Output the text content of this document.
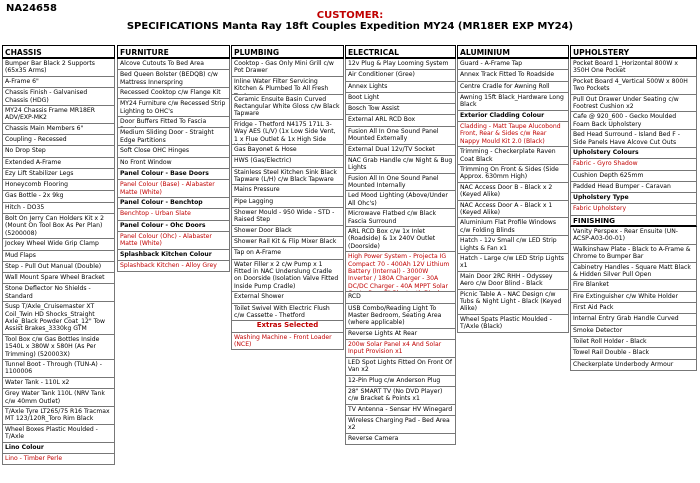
NA24658
CUSTOMER:
SPECIFICATIONS Manta Ray 18ft Couples Expedition MY24 (MR18ER EXP MY24)
CHASSIS
Bumper Bar Black 2 Supports (65x35 Arms)
A-Frame 6"
Chassis Finish - Galvanised Chassis (HDG)
MY24 Chassis Frame MR18ER ADV/EXP-MK2
Chassis Main Members 6"
Coupling - Recessed
No Drop Step
Extended A-Frame
Ezy Lift Stabilizer Legs
Honeycomb Flooring
Gas Bottle - 2x 9kg
Hitch - DO35
Bolt On Jerry Can Holders Kit x 2 (Mount On Tool Box As Per Plan) (5200008)
Jockey Wheel Wide Grip Clamp
Mud Flaps
Step - Pull Out Manual (Double)
Wall Mount Spare Wheel Bracket
Stone Deflector No Shields - Standard
Susp T/Axle_Cruisemaster XT Coil_Twin HD Shocks_Straight Axle_Black Powder Coat_12" Tow Assist Brakes_3330kg GTM
Tool Box c/w Gas Bottles Inside 1540L x 380W x 580H (As Per Trimming) (520003X)
Tunnel Boot - Through (TUN-A) - 1100006
Water Tank - 110L x2
Grey Water Tank 110L (NRV Tank c/w 40mm Outlet)
T/Axle Tyre LT265/75 R16 Tracmax MT 123/120R_Toro Rim Black
Wheel Boxes Plastic Moulded - T/Axle
Lino Colour
Lino - Timber Perle
FURNITURE
Alcove Cutouts To Bed Area
Bed Queen Bolster (BEDQB) c/w Mattress Innerspring
Recessed Cooktop c/w Flange Kit
MY24 Furniture c/w Recessed Strip Lighting to OHC's
Door Buffers Fitted To Fascia
Medium Sliding Door - Straight Edge Partitions
Soft Close OHC Hinges
No Front Window
Panel Colour - Base Doors
Panel Colour (Base) - Alabaster Matte (White)
Panel Colour - Benchtop
Benchtop - Urban Slate
Panel Colour - Ohc Doors
Panel Colour (Ohc) - Alabaster Matte (White)
Splashback Kitchen Colour
Splashback Kitchen - Alloy Grey
PLUMBING
Cooktop - Gas Only Mini Grill c/w Pot Drawer
Inline Water Filter Servicing Kitchen & Plumbed To All Fresh
Ceramic Ensuite Basin Curved Rectangular White Gloss c/w Black Tapware
Fridge - Thetford N4175 171L 3-Way AES (L/V) (1x Low Side Vent, 1 x Flue Outlet & 1x High Side
Gas Bayonet & Hose
HWS (Gas/Electric)
Stainless Steel Kitchen Sink Black Tapware (L/H) c/w Black Tapware
Mains Pressure
Pipe Lagging
Shower Mould - 950 Wide - STD - Raised Step
Shower Door Black
Shower Rail Kit & Flip Mixer Black
Tap on A-Frame
Water Filler x 2 c/w Pump x 1 Fitted in NAC Underslung Cradle on Doorside (Isolation Valve Fitted Inside Pump Cradle)
External Shower
Toilet Swivel With Electric Flush c/w Cassette - Thetford
Extras Selected
Washing Machine - Front Loader (NCE)
ELECTRICAL
12v Plug & Play Looming System
Air Conditioner (Gree)
Annex Lights
Boot Light
Bosch Tow Assist
External ARL RCD Box
Fusion All In One Sound Panel Mounted Externally
External Dual 12v/TV Socket
NAC Grab Handle c/w Night & Bug Lights
Fusion All In One Sound Panel Mounted Internally
Led Mood Lighting (Above/Under All Ohc's)
Microwave Flatbed c/w Black Fascia Surround
ARL RCD Box c/w 1x Inlet (Roadside) & 1x 240V Outlet (Doorside)
High Power System - Projecta IG Compact 70 - 400Ah 12V Lithium Battery (Internal) - 3000W Inverter / 180A Charger - 30A DC/DC Charger - 40A MPPT Solar
RCD
USB Combo/Reading Light To Master Bedroom, Seating Area (where applicable)
Reverse Lights At Rear
200w Solar Panel x4 And Solar Input Provision x1
LED Spot Lights Fitted On Front Of Van x2
12-Pin Plug c/w Anderson Plug
28" SMART TV (No DVD Player) c/w Bracket & Points x1
TV Antenna - Sensar HV Winegard
Wireless Charging Pad - Bed Area x2
Reverse Camera
ALUMINIUM
Guard - A-Frame Tap
Annex Track Fitted To Roadside
Centre Cradle for Awning Roll
Awning 15ft Black_Hardware Long Black
Exterior Cladding Colour
Cladding - Matt Taupe Alucobond Front, Rear & Sides c/w Rear Nappy Mould Kit 2.0 (Black)
Trimming - Checkerplate Raven Coat Black
Trimming On Front & Sides (Side Approx. 630mm High)
NAC Access Door B - Black x 2 (Keyed Alike)
NAC Access Door A - Black x 1 (Keyed Alike)
Aluminium Flat Profile Windows c/w Folding Blinds
Hatch - 12v Small c/w LED Strip Lights & Fan x1
Hatch - Large c/w LED Strip Lights x1
Main Door 2RC RHH - Odyssey Aero c/w Door Blind - Black
Picnic Table A - NAC Design c/w Tubs & Night Light - Black (Keyed Alike)
Wheel Spats Plastic Moulded - T/Axle (Black)
UPHOLSTERY
Pocket Board 1_Horizontal 800W x 350H One Pocket
Pocket Board 4_Vertical 500W x 800H Two Pockets
Pull Out Drawer Under Seating c/w Footrest Cushion x2
Cafe @ 920_600 - Gecko Moulded Foam Back Upholstery
Bed Head Surround - Island Bed F - Side Panels Have Alcove Cut Outs
Upholstery Colours
Fabric - Gyro Shadow
Cushion Depth 625mm
Padded Head Bumper - Caravan
Upholstery Type
Fabric Upholstery
FINISHING
Vanity Perspex - Rear Ensuite (UN-ACSP-A03-00-01)
Walkinshaw Plate - Black to A-Frame & Chrome to Bumper Bar
Cabinetry Handles - Square Matt Black & Hidden Silver Pull Open
Fire Blanket
Fire Extinguisher c/w White Holder
First Aid Pack
Internal Entry Grab Handle Curved
Smoke Detector
Toilet Roll Holder - Black
Towel Rail Double - Black
Checkerplate Underbody Armour
